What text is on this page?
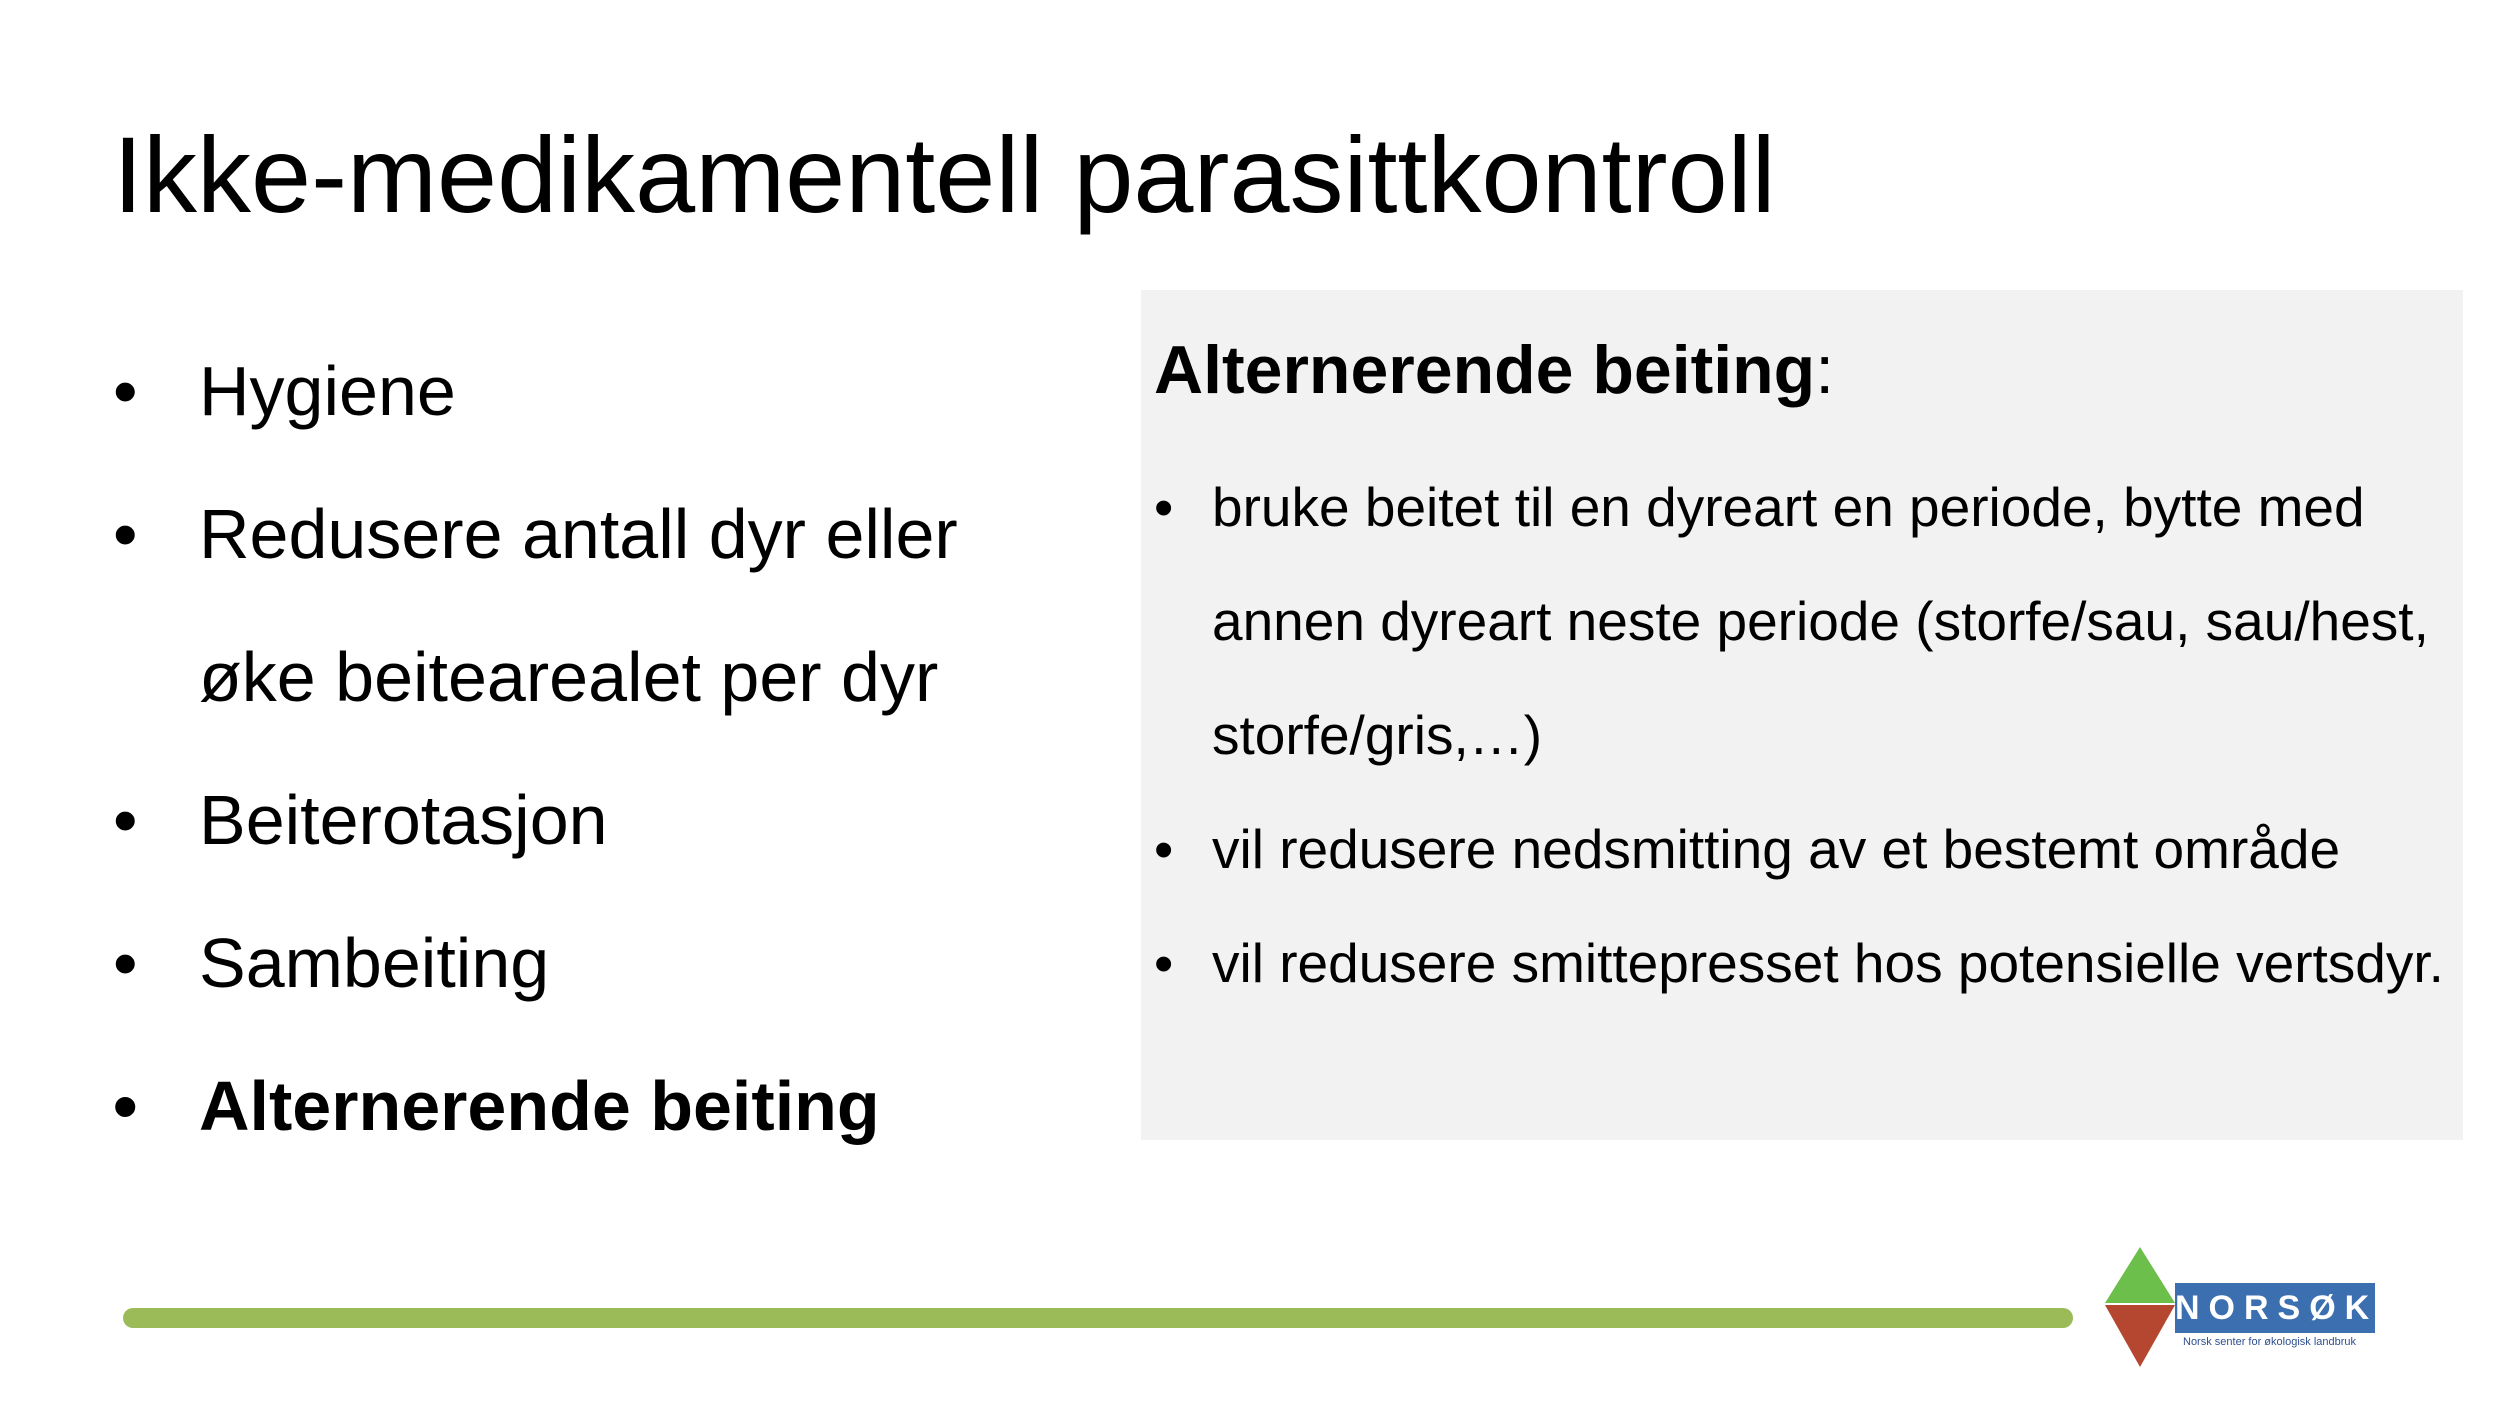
Ikke-medikamentell parasittkontroll
• Hygiene
• Redusere antall dyr eller
øke beitearealet per dyr
• Beiterotasjon
• Sambeiting
• Alternerende beiting
Alternerende beiting:
• bruke beitet til en dyreart en periode, bytte med annen dyreart neste periode (storfe/sau, sau/hest, storfe/gris,…)
• vil redusere nedsmitting av et bestemt område
• vil redusere smittepresset hos potensielle vertsdyr.
NORSØK
Norsk senter for økologisk landbruk
